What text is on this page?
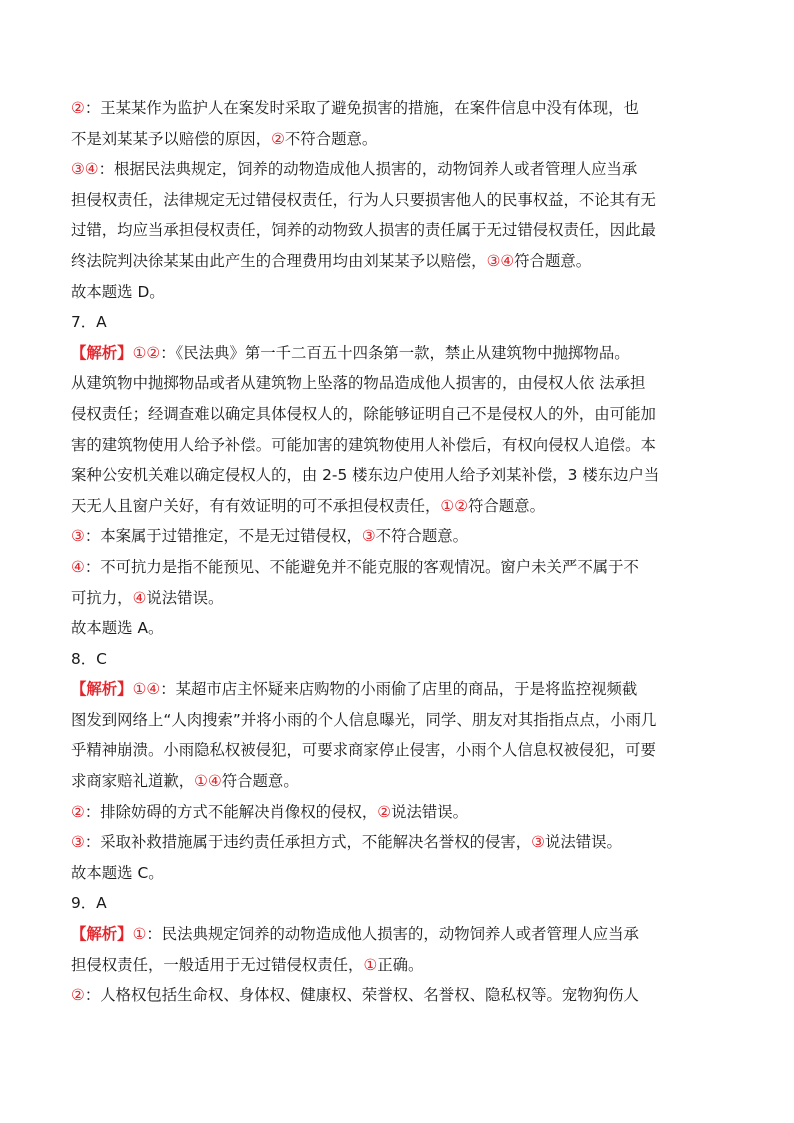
②：王某某作为监护人在案发时采取了避免损害的措施，在案件信息中没有体现，也
不是刘某某予以赔偿的原因，②不符合题意。
③④：根据民法典规定，饲养的动物造成他人损害的，动物饲养人或者管理人应当承
担侵权责任，法律规定无过错侵权责任，行为人只要损害他人的民事权益，不论其有无
过错，均应当承担侵权责任，饲养的动物致人损害的责任属于无过错侵权责任，因此最
终法院判决徐某某由此产生的合理费用均由刘某某予以赔偿，③④符合题意。
故本题选 D。
7．A
【解析】①②：《民法典》第一千二百五十四条第一款，禁止从建筑物中抛掷物品。
从建筑物中抛掷物品或者从建筑物上坠落的物品造成他人损害的，由侵权人依 法承担
侵权责任；经调查难以确定具体侵权人的，除能够证明自己不是侵权人的外，由可能加
害的建筑物使用人给予补偿。可能加害的建筑物使用人补偿后，有权向侵权人追偿。本
案种公安机关难以确定侵权人的，由 2-5 楼东边户使用人给予刘某补偿，3 楼东边户当
天无人且窗户关好，有有效证明的可不承担侵权责任，①②符合题意。
③：本案属于过错推定，不是无过错侵权，③不符合题意。
④：不可抗力是指不能预见、不能避免并不能克服的客观情况。窗户未关严不属于不
可抗力，④说法错误。
故本题选 A。
8．C
【解析】①④：某超市店主怀疑来店购物的小雨偷了店里的商品，于是将监控视频截
图发到网络上“人肉搜索”并将小雨的个人信息曝光，同学、朋友对其指指点点，小雨几
乎精神崩溃。小雨隐私权被侵犯，可要求商家停止侵害，小雨个人信息权被侵犯，可要
求商家赔礼道歉，①④符合题意。
②：排除妨碍的方式不能解决肖像权的侵权，②说法错误。
③：采取补救措施属于违约责任承担方式，不能解决名誉权的侵害，③说法错误。
故本题选 C。
9．A
【解析】①：民法典规定饲养的动物造成他人损害的，动物饲养人或者管理人应当承
担侵权责任，一般适用于无过错侵权责任，①正确。
②：人格权包括生命权、身体权、健康权、荣誉权、名誉权、隐私权等。宠物狗伤人
